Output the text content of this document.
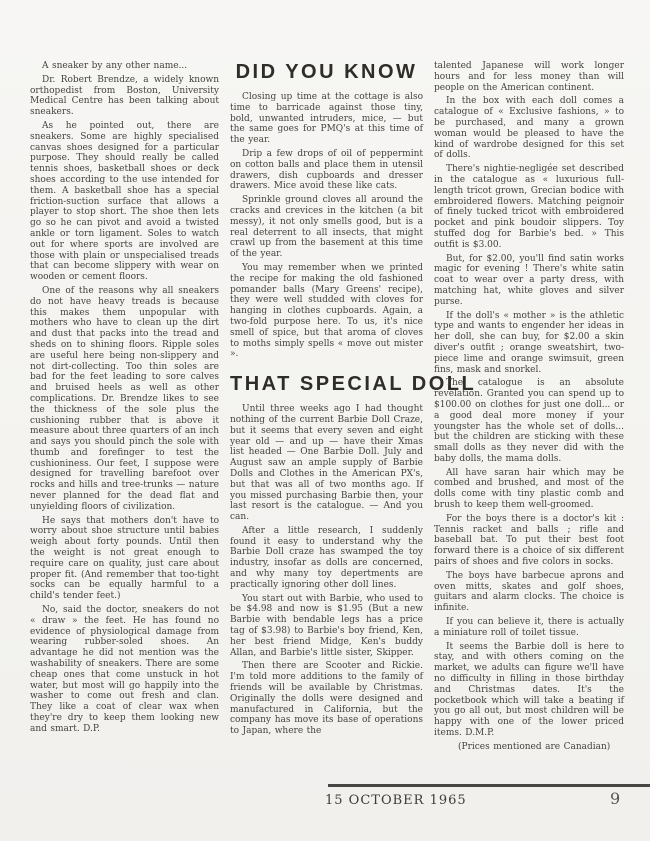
A sneaker by any other name...

Dr. Robert Brendze, a widely known orthopedist from Boston, University Medical Centre has been talking about sneakers.

As he pointed out, there are sneakers. Some are highly specialised canvas shoes designed for a particular purpose. They should really be called tennis shoes, basketball shoes or deck shoes according to the use intended for them. A basketball shoe has a special friction-suction surface that allows a player to stop short. The shoe then lets go so he can pivot and avoid a twisted ankle or torn ligament. Soles to watch out for where sports are involved are those with plain or unspecialised treads that can become slippery with wear on wooden or cement floors.

One of the reasons why all sneakers do not have heavy treads is because this makes them unpopular with mothers who have to clean up the dirt and dust that packs into the tread and sheds on to shining floors. Ripple soles are useful here being non-slippery and not dirt-collecting. Too thin soles are bad for the feet leading to sore calves and bruised heels as well as other complications. Dr. Brendze likes to see the thickness of the sole plus the cushioning rubber that is above it measure about three quarters of an inch and says you should pinch the sole with thumb and forefinger to test the cushioniness. Our feet, I suppose were designed for travelling barefoot over rocks and hills and tree-trunks — nature never planned for the dead flat and unyielding floors of civilization.

He says that mothers don't have to worry about shoe structure until babies weigh about forty pounds. Until then the weight is not great enough to require care on quality, just care about proper fit. (And remember that too-tight socks can be equally harmful to a child's tender feet.)

No, said the doctor, sneakers do not « draw » the feet. He has found no evidence of physiological damage from wearing rubber-soled shoes. An advantage he did not mention was the washability of sneakers. There are some cheap ones that come unstuck in hot water, but most will go happily into the washer to come out fresh and clan. They like a coat of clear wax when they're dry to keep them looking new and smart. D.P.

DID YOU KNOW

Closing up time at the cottage is also time to barricade against those tiny, bold, unwanted intruders, mice, — but the same goes for PMQ's at this time of the year.

Drip a few drops of oil of peppermint on cotton balls and place them in utensil drawers, dish cupboards and dresser drawers. Mice avoid these like cats.

Sprinkle ground cloves all around the cracks and crevices in the kitchen (a bit messy), it not only smells good, but is a real deterrent to all insects, that might crawl up from the basement at this time of the year.

You may remember when we printed the recipe for making the old fashioned pomander balls (Mary Greens' recipe), they were well studded with cloves for hanging in clothes cupboards. Again, a two-fold purpose here. To us, it's nice smell of spice, but that aroma of cloves to moths simply spells « move out mister ».

THAT SPECIAL DOLL

Until three weeks ago I had thought nothing of the current Barbie Doll Craze, but it seems that every seven and eight year old — and up — have their Xmas list headed — One Barbie Doll. July and August saw an ample supply of Barbie Dolls and Clothes in the American PX's, but that was all of two months ago. If you missed purchasing Barbie then, your last resort is the catalogue. — And you can.

After a little research, I suddenly found it easy to understand why the Barbie Doll craze has swamped the toy industry, insofar as dolls are concerned, and why many toy depertments are practically ignoring other doll lines.

You start out with Barbie, who used to be $4.98 and now is $1.95 (But a new Barbie with bendable legs has a price tag of $3.98) to Barbie's boy friend, Ken, her best friend Midge, Ken's buddy Allan, and Barbie's little sister, Skipper.

Then there are Scooter and Rickie. I'm told more additions to the family of friends will be available by Christmas. Originally the dolls were designed and manufactured in California, but the company has move its base of operations to Japan, where the

talented Japanese will work longer hours and for less money than will people on the American continent.

In the box with each doll comes a catalogue of « Exclusive fashions, » to be purchased, and many a grown woman would be pleased to have the kind of wardrobe designed for this set of dolls.

There's nightie-negligée set described in the catalogue as « luxurious full-length tricot grown, Grecian bodice with embroidered flowers. Matching peignoir of finely tucked tricot with embroidered pocket and pink boudoir slippers. Toy stuffed dog for Barbie's bed. » This outfit is $3.00.

But, for $2.00, you'll find satin works magic for evening ! There's white satin coat to wear over a party dress, with matching hat, white gloves and silver purse.

If the doll's « mother » is the athletic type and wants to engender her ideas in her doll, she can buy, for $2.00 a skin diver's outfit ; orange sweatshirt, two-piece lime and orange swimsuit, green fins, mask and snorkel.

The catalogue is an absolute revelation. Granted you can spend up to $100.00 on clothes for just one doll... or a good deal more money if your youngster has the whole set of dolls... but the children are sticking with these small dolls as they never did with the baby dolls, the mama dolls.

All have saran hair which may be combed and brushed, and most of the dolls come with tiny plastic comb and brush to keep them well-groomed.

For the boys there is a doctor's kit : Tennis racket and balls ; rifle and baseball bat. To put their best foot forward there is a choice of six different pairs of shoes and five colors in socks.

The boys have barbecue aprons and oven mitts, skates and golf shoes, guitars and alarm clocks. The choice is infinite.

If you can believe it, there is actually a miniature roll of toilet tissue.

It seems the Barbie doll is here to stay, and with others coming on the market, we adults can figure we'll have no difficulty in filling in those birthday and Christmas dates. It's the pocketbook which will take a beating if you go all out, but most children will be happy with one of the lower priced items. D.M.P.

(Prices mentioned are Canadian)

15 OCTOBER 1965	9
